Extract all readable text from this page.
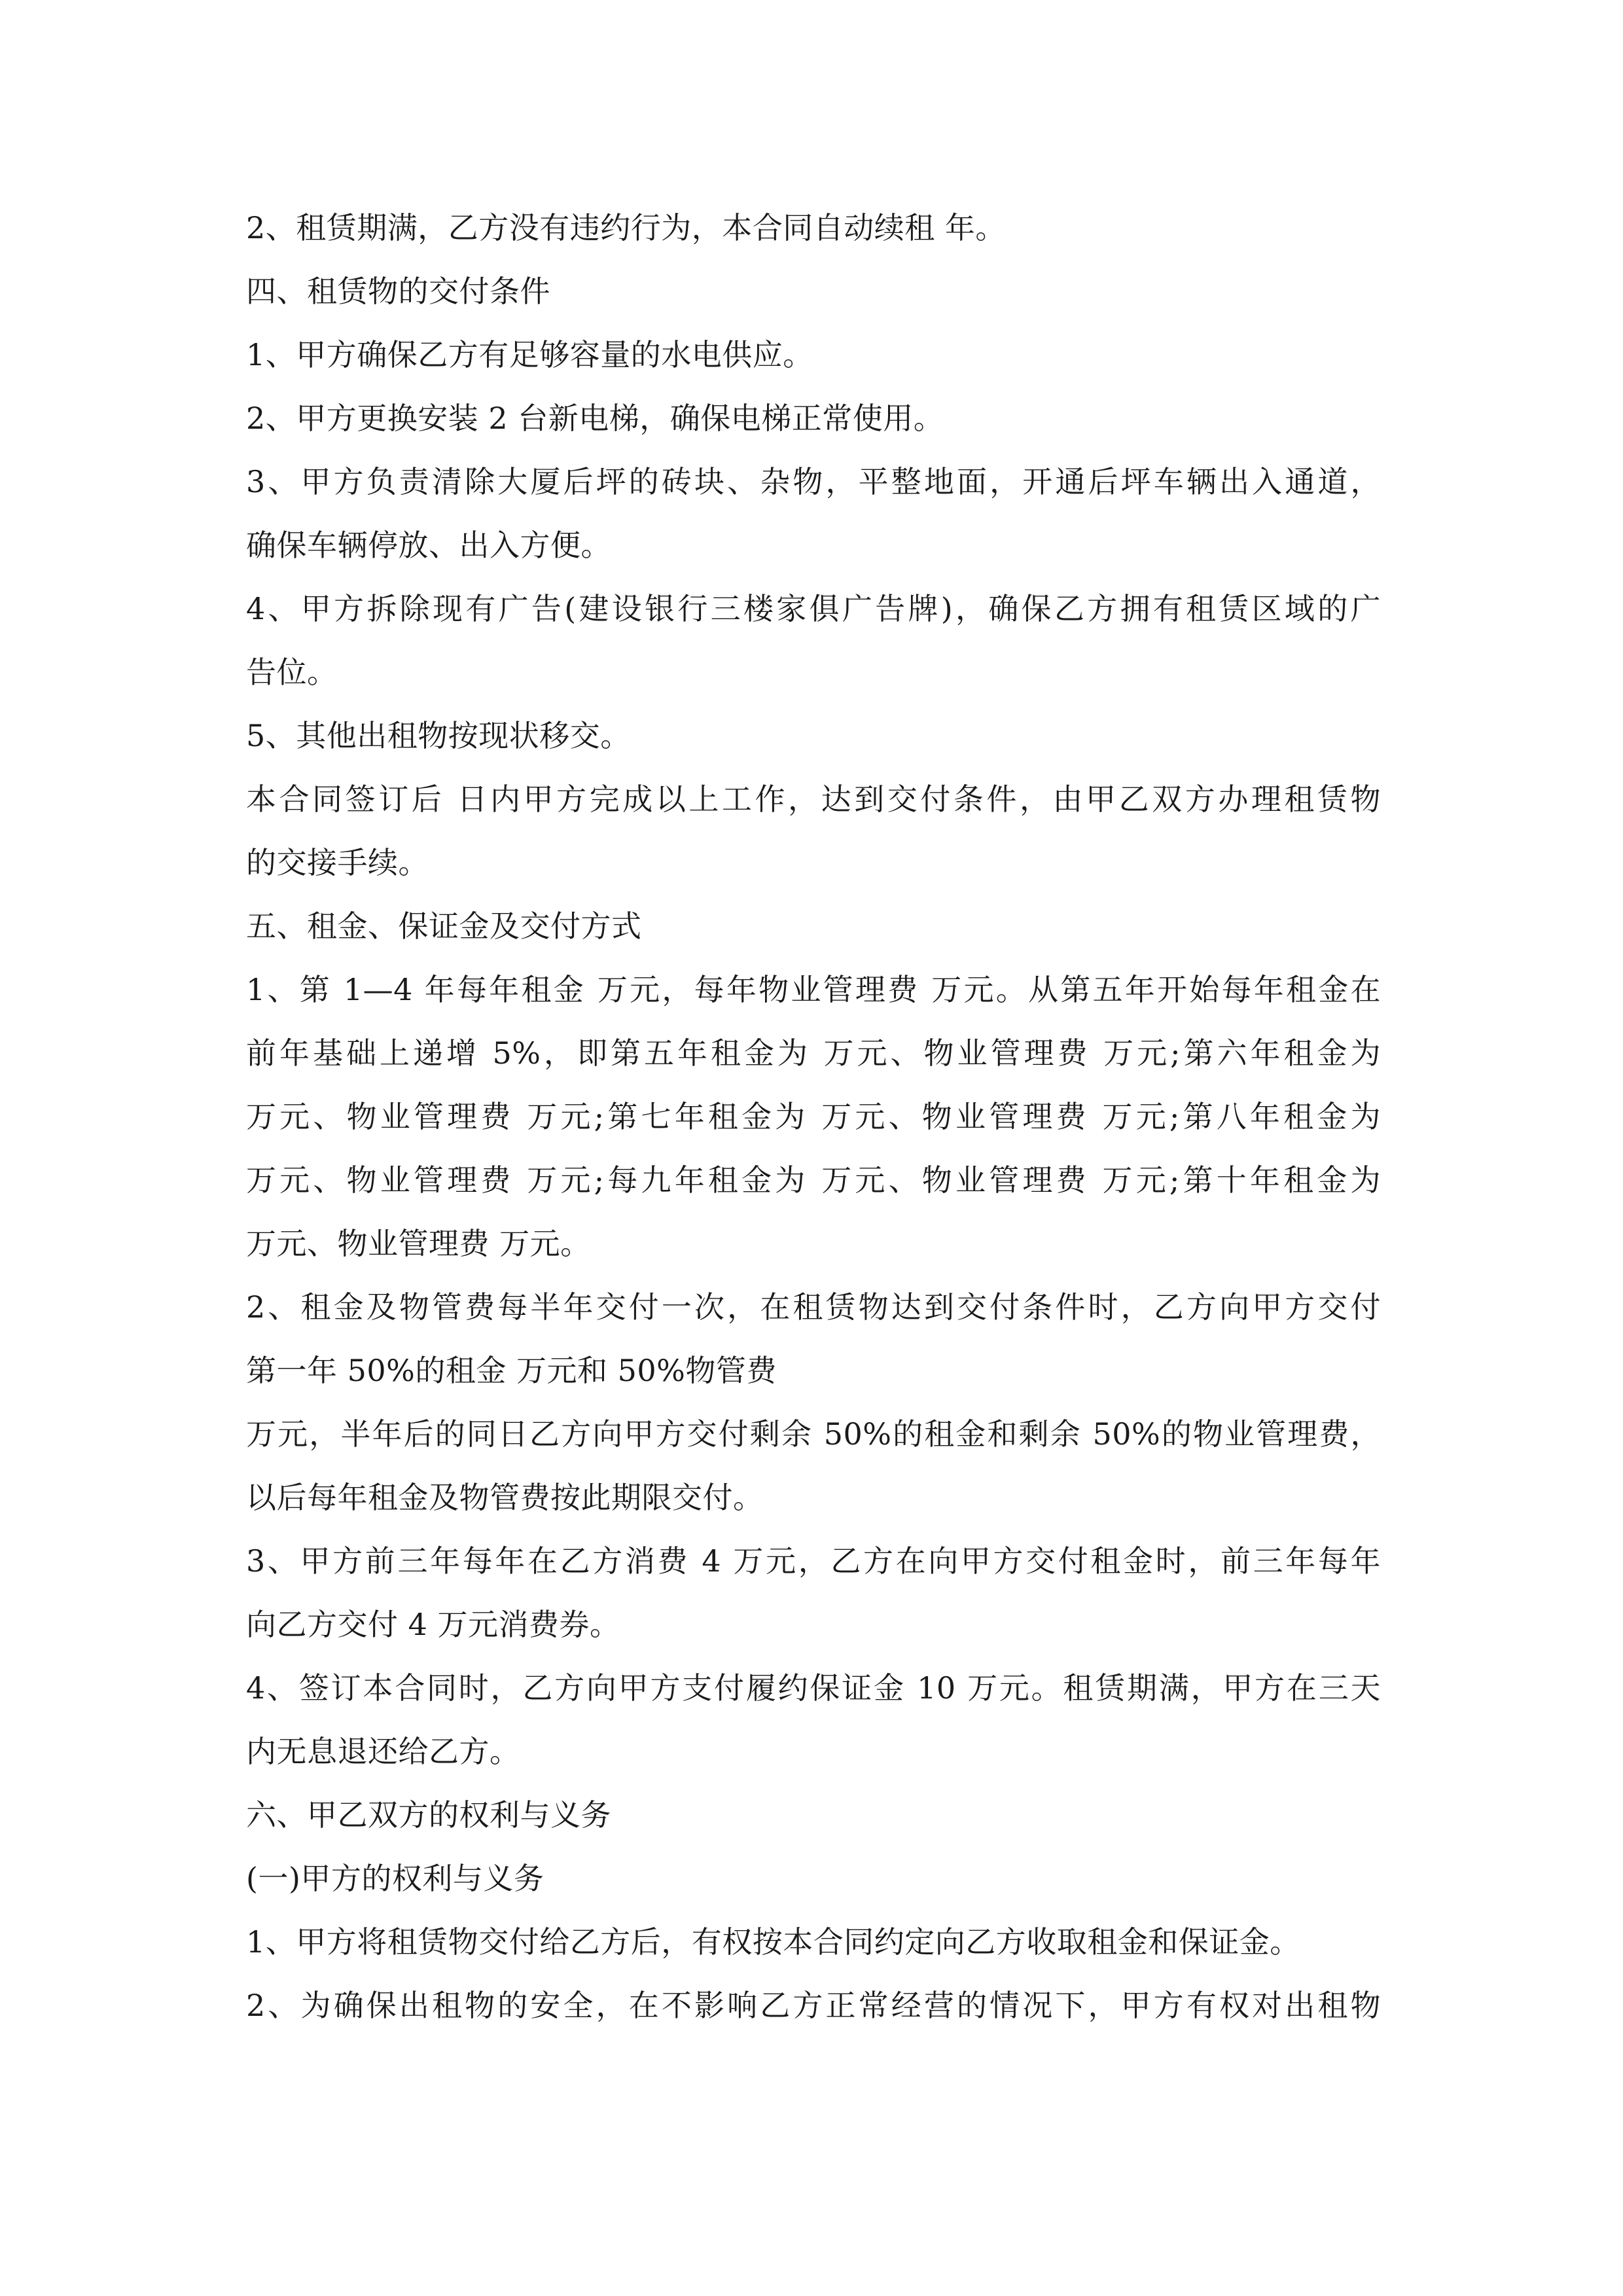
2、租赁期满，乙方没有违约行为，本合同自动续租 年。
四、租赁物的交付条件
1、甲方确保乙方有足够容量的水电供应。
2、甲方更换安装 2 台新电梯，确保电梯正常使用。
3、甲方负责清除大厦后坪的砖块、杂物，平整地面，开通后坪车辆出入通道，
确保车辆停放、出入方便。
4、甲方拆除现有广告(建设银行三楼家俱广告牌)，确保乙方拥有租赁区域的广
告位。
5、其他出租物按现状移交。
本合同签订后 日内甲方完成以上工作，达到交付条件，由甲乙双方办理租赁物
的交接手续。
五、租金、保证金及交付方式
1、第 1—4 年每年租金 万元，每年物业管理费 万元。从第五年开始每年租金在
前年基础上递增 5%，即第五年租金为 万元、物业管理费 万元;第六年租金为
万元、物业管理费 万元;第七年租金为 万元、物业管理费 万元;第八年租金为
万元、物业管理费 万元;每九年租金为 万元、物业管理费 万元;第十年租金为
万元、物业管理费 万元。
2、租金及物管费每半年交付一次，在租赁物达到交付条件时，乙方向甲方交付
第一年 50%的租金 万元和 50%物管费
万元，半年后的同日乙方向甲方交付剩余 50%的租金和剩余 50%的物业管理费，
以后每年租金及物管费按此期限交付。
3、甲方前三年每年在乙方消费 4 万元，乙方在向甲方交付租金时，前三年每年
向乙方交付 4 万元消费券。
4、签订本合同时，乙方向甲方支付履约保证金 10 万元。租赁期满，甲方在三天
内无息退还给乙方。
六、甲乙双方的权利与义务
(一)甲方的权利与义务
1、甲方将租赁物交付给乙方后，有权按本合同约定向乙方收取租金和保证金。
2、为确保出租物的安全，在不影响乙方正常经营的情况下，甲方有权对出租物
